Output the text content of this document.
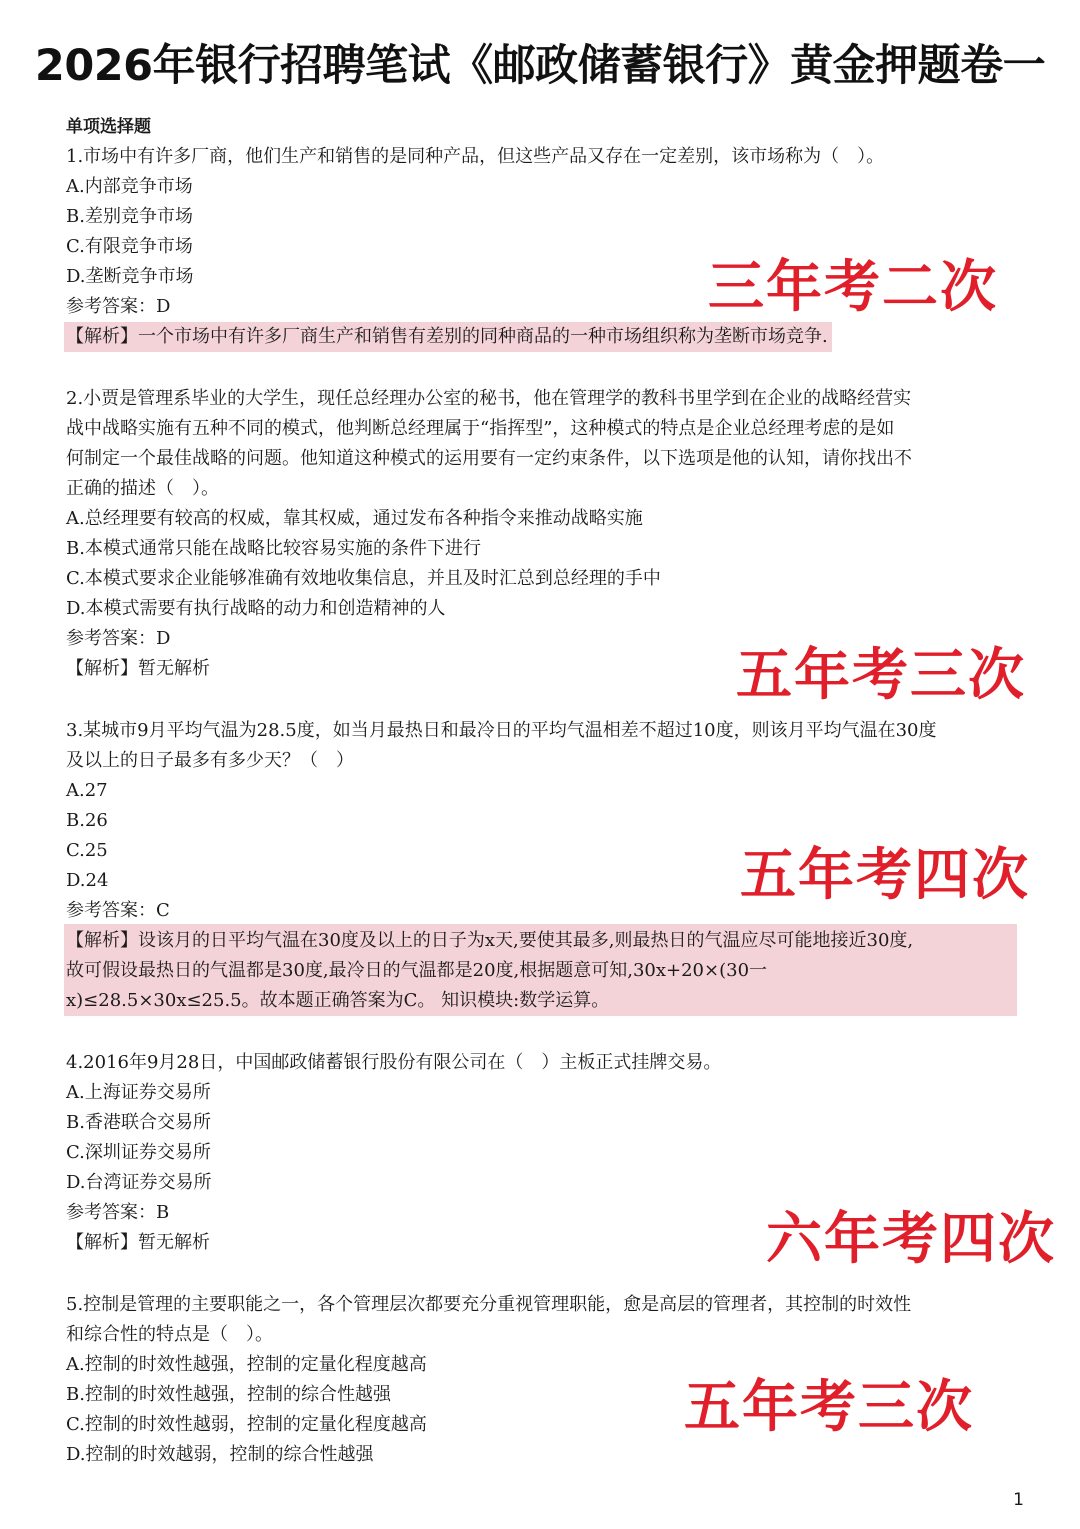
2026年银行招聘笔试《邮政储蓄银行》黄金押题卷一
单项选择题
1.市场中有许多厂商，他们生产和销售的是同种产品，但这些产品又存在一定差别，该市场称为（　）。
A.内部竞争市场
B.差别竞争市场
C.有限竞争市场
D.垄断竞争市场
参考答案：D
【解析】一个市场中有许多厂商生产和销售有差别的同种商品的一种市场组织称为垄断市场竞争.
三年考二次
2.小贾是管理系毕业的大学生，现任总经理办公室的秘书，他在管理学的教科书里学到在企业的战略经营实
战中战略实施有五种不同的模式，他判断总经理属于“指挥型”，这种模式的特点是企业总经理考虑的是如
何制定一个最佳战略的问题。他知道这种模式的运用要有一定约束条件，以下选项是他的认知，请你找出不
正确的描述（　）。
A.总经理要有较高的权威，靠其权威，通过发布各种指令来推动战略实施
B.本模式通常只能在战略比较容易实施的条件下进行
C.本模式要求企业能够准确有效地收集信息，并且及时汇总到总经理的手中
D.本模式需要有执行战略的动力和创造精神的人
参考答案：D
【解析】暂无解析	五年考三次
3.某城市9月平均气温为28.5度，如当月最热日和最冷日的平均气温相差不超过10度，则该月平均气温在30度
及以上的日子最多有多少天？（　）
A.27
B.26
C.25
D.24
参考答案：C
【解析】设该月的日平均气温在30度及以上的日子为x天,要使其最多,则最热日的气温应尽可能地接近30度,
故可假设最热日的气温都是30度,最冷日的气温都是20度,根据题意可知,30x+20×(30一
x)≤28.5×30x≤25.5。故本题正确答案为C。 知识模块:数学运算。
五年考四次
4.2016年9月28日，中国邮政储蓄银行股份有限公司在（　）主板正式挂牌交易。
A.上海证券交易所
B.香港联合交易所
C.深圳证券交易所
D.台湾证券交易所
参考答案：B
【解析】暂无解析	六年考四次
5.控制是管理的主要职能之一，各个管理层次都要充分重视管理职能，愈是高层的管理者，其控制的时效性
和综合性的特点是（　）。
A.控制的时效性越强，控制的定量化程度越高
B.控制的时效性越强，控制的综合性越强
C.控制的时效性越弱，控制的定量化程度越高
D.控制的时效越弱，控制的综合性越强
五年考三次
1
